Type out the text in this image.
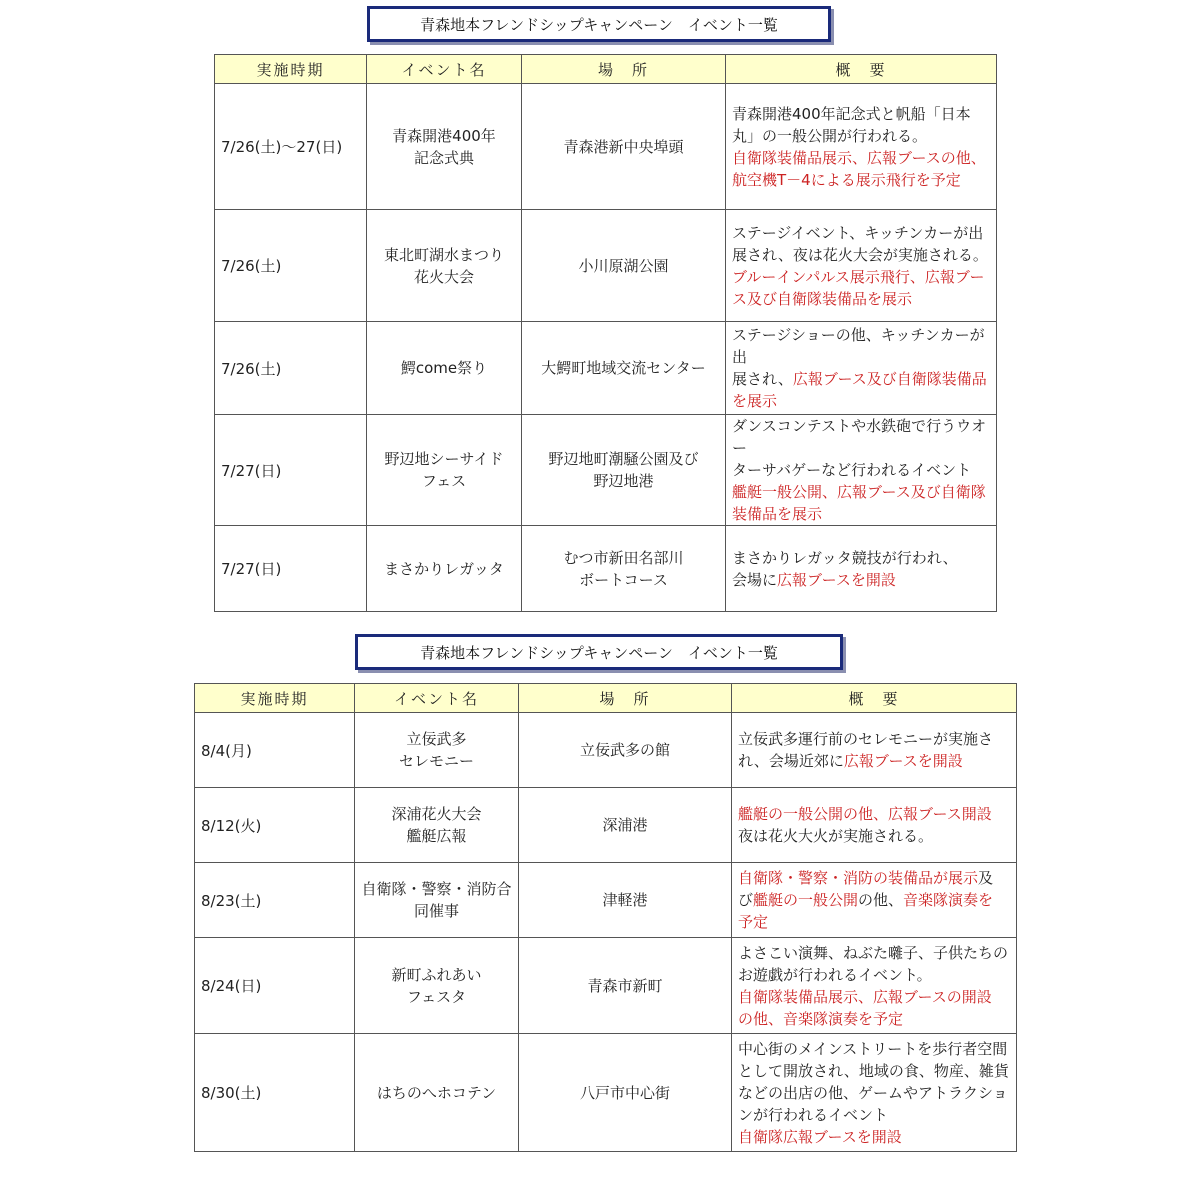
青森地本フレンドシップキャンペーン　イベント一覧
実施時期	イベント名	場　所	概　要
7/26(土)～27(日)	青森開港400年
記念式典	青森港新中央埠頭	青森開港400年記念式と帆船「日本
丸」の一般公開が行われる。
自衛隊装備品展示、広報ブースの他、
航空機T－4による展示飛行を予定
7/26(土)	東北町湖水まつり
花火大会	小川原湖公園	ステージイベント、キッチンカーが出
展され、夜は花火大会が実施される。
ブルーインパルス展示飛行、広報ブー
ス及び自衛隊装備品を展示
7/26(土)	鰐come祭り	大鰐町地域交流センター	ステージショーの他、キッチンカーが出
展され、広報ブース及び自衛隊装備品
を展示
7/27(日)	野辺地シーサイド
フェス	野辺地町潮騒公園及び
野辺地港	ダンスコンテストや水鉄砲で行うウオー
ターサバゲーなど行われるイベント
艦艇一般公開、広報ブース及び自衛隊
装備品を展示
7/27(日)	まさかりレガッタ	むつ市新田名部川
ボートコース	まさかりレガッタ競技が行われ、
会場に広報ブースを開設
青森地本フレンドシップキャンペーン　イベント一覧
実施時期	イベント名	場　所	概　要
8/4(月)	立佞武多
セレモニー	立佞武多の館	立佞武多運行前のセレモニーが実施さ
れ、会場近郊に広報ブースを開設
8/12(火)	深浦花火大会
艦艇広報	深浦港	艦艇の一般公開の他、広報ブース開設
夜は花火大火が実施される。
8/23(土)	自衛隊・警察・消防合
同催事	津軽港	自衛隊・警察・消防の装備品が展示及
び艦艇の一般公開の他、音楽隊演奏を
予定
8/24(日)	新町ふれあい
フェスタ	青森市新町	よさこい演舞、ねぶた囃子、子供たちの
お遊戯が行われるイベント。
自衛隊装備品展示、広報ブースの開設
の他、音楽隊演奏を予定
8/30(土)	はちのへホコテン	八戸市中心街	中心街のメインストリートを歩行者空間
として開放され、地域の食、物産、雑貨
などの出店の他、ゲームやアトラクショ
ンが行われるイベント
自衛隊広報ブースを開設
